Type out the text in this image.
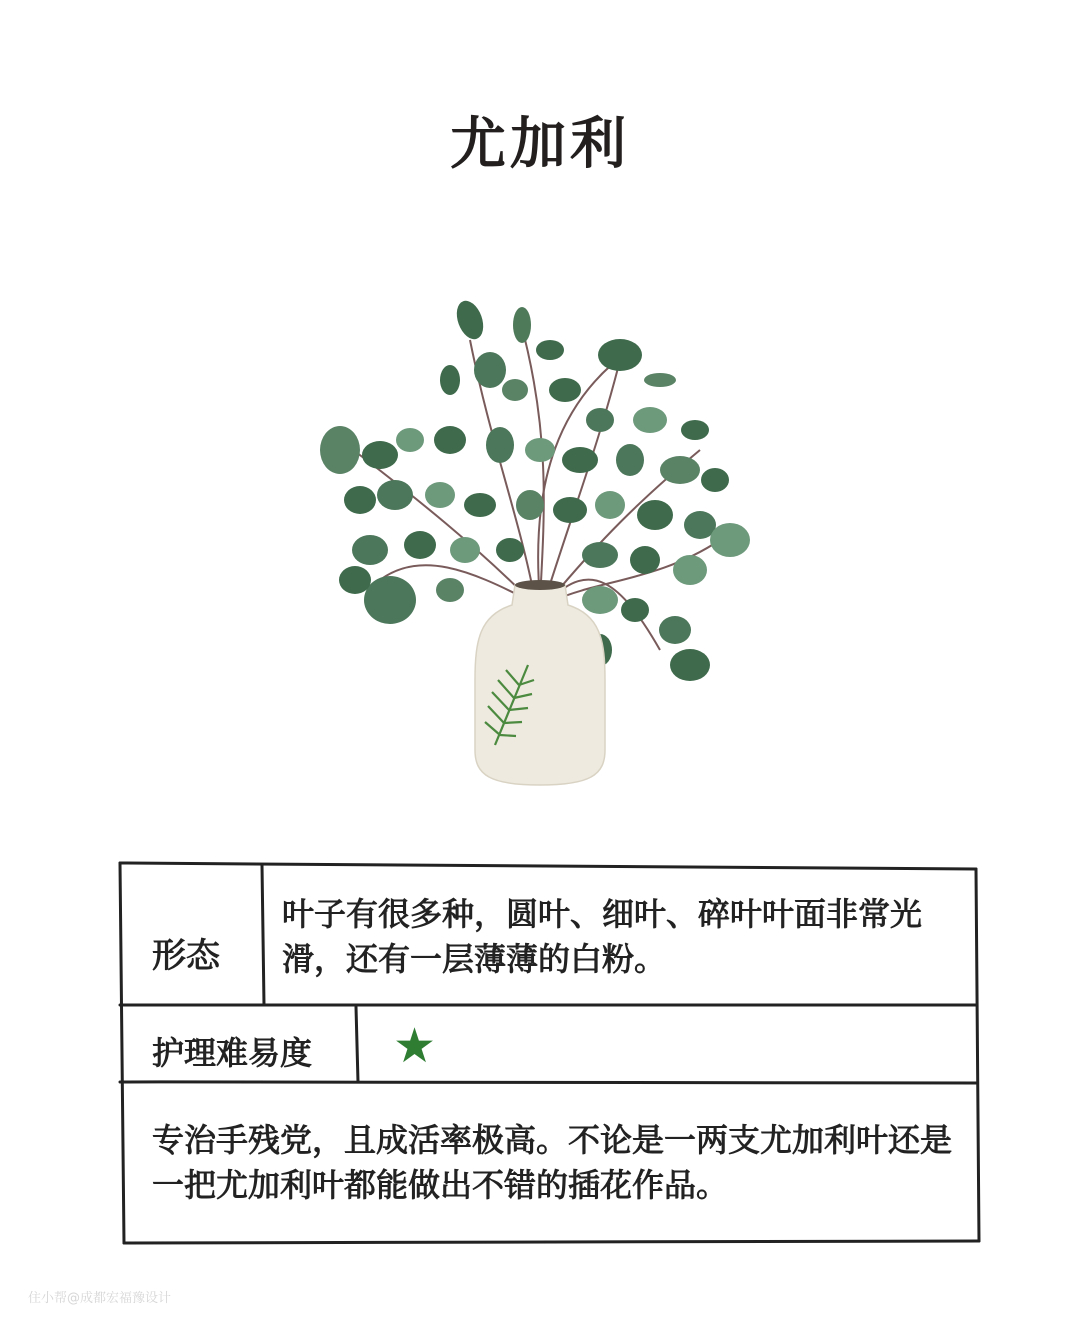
尤加利
形态
叶子有很多种，圆叶、细叶、碎叶叶面非常光滑，还有一层薄薄的白粉。
护理难易度 ★
专治手残党，且成活率极高。不论是一两支尤加利叶还是一把尤加利叶都能做出不错的插花作品。
住小帮@成都宏福豫设计
